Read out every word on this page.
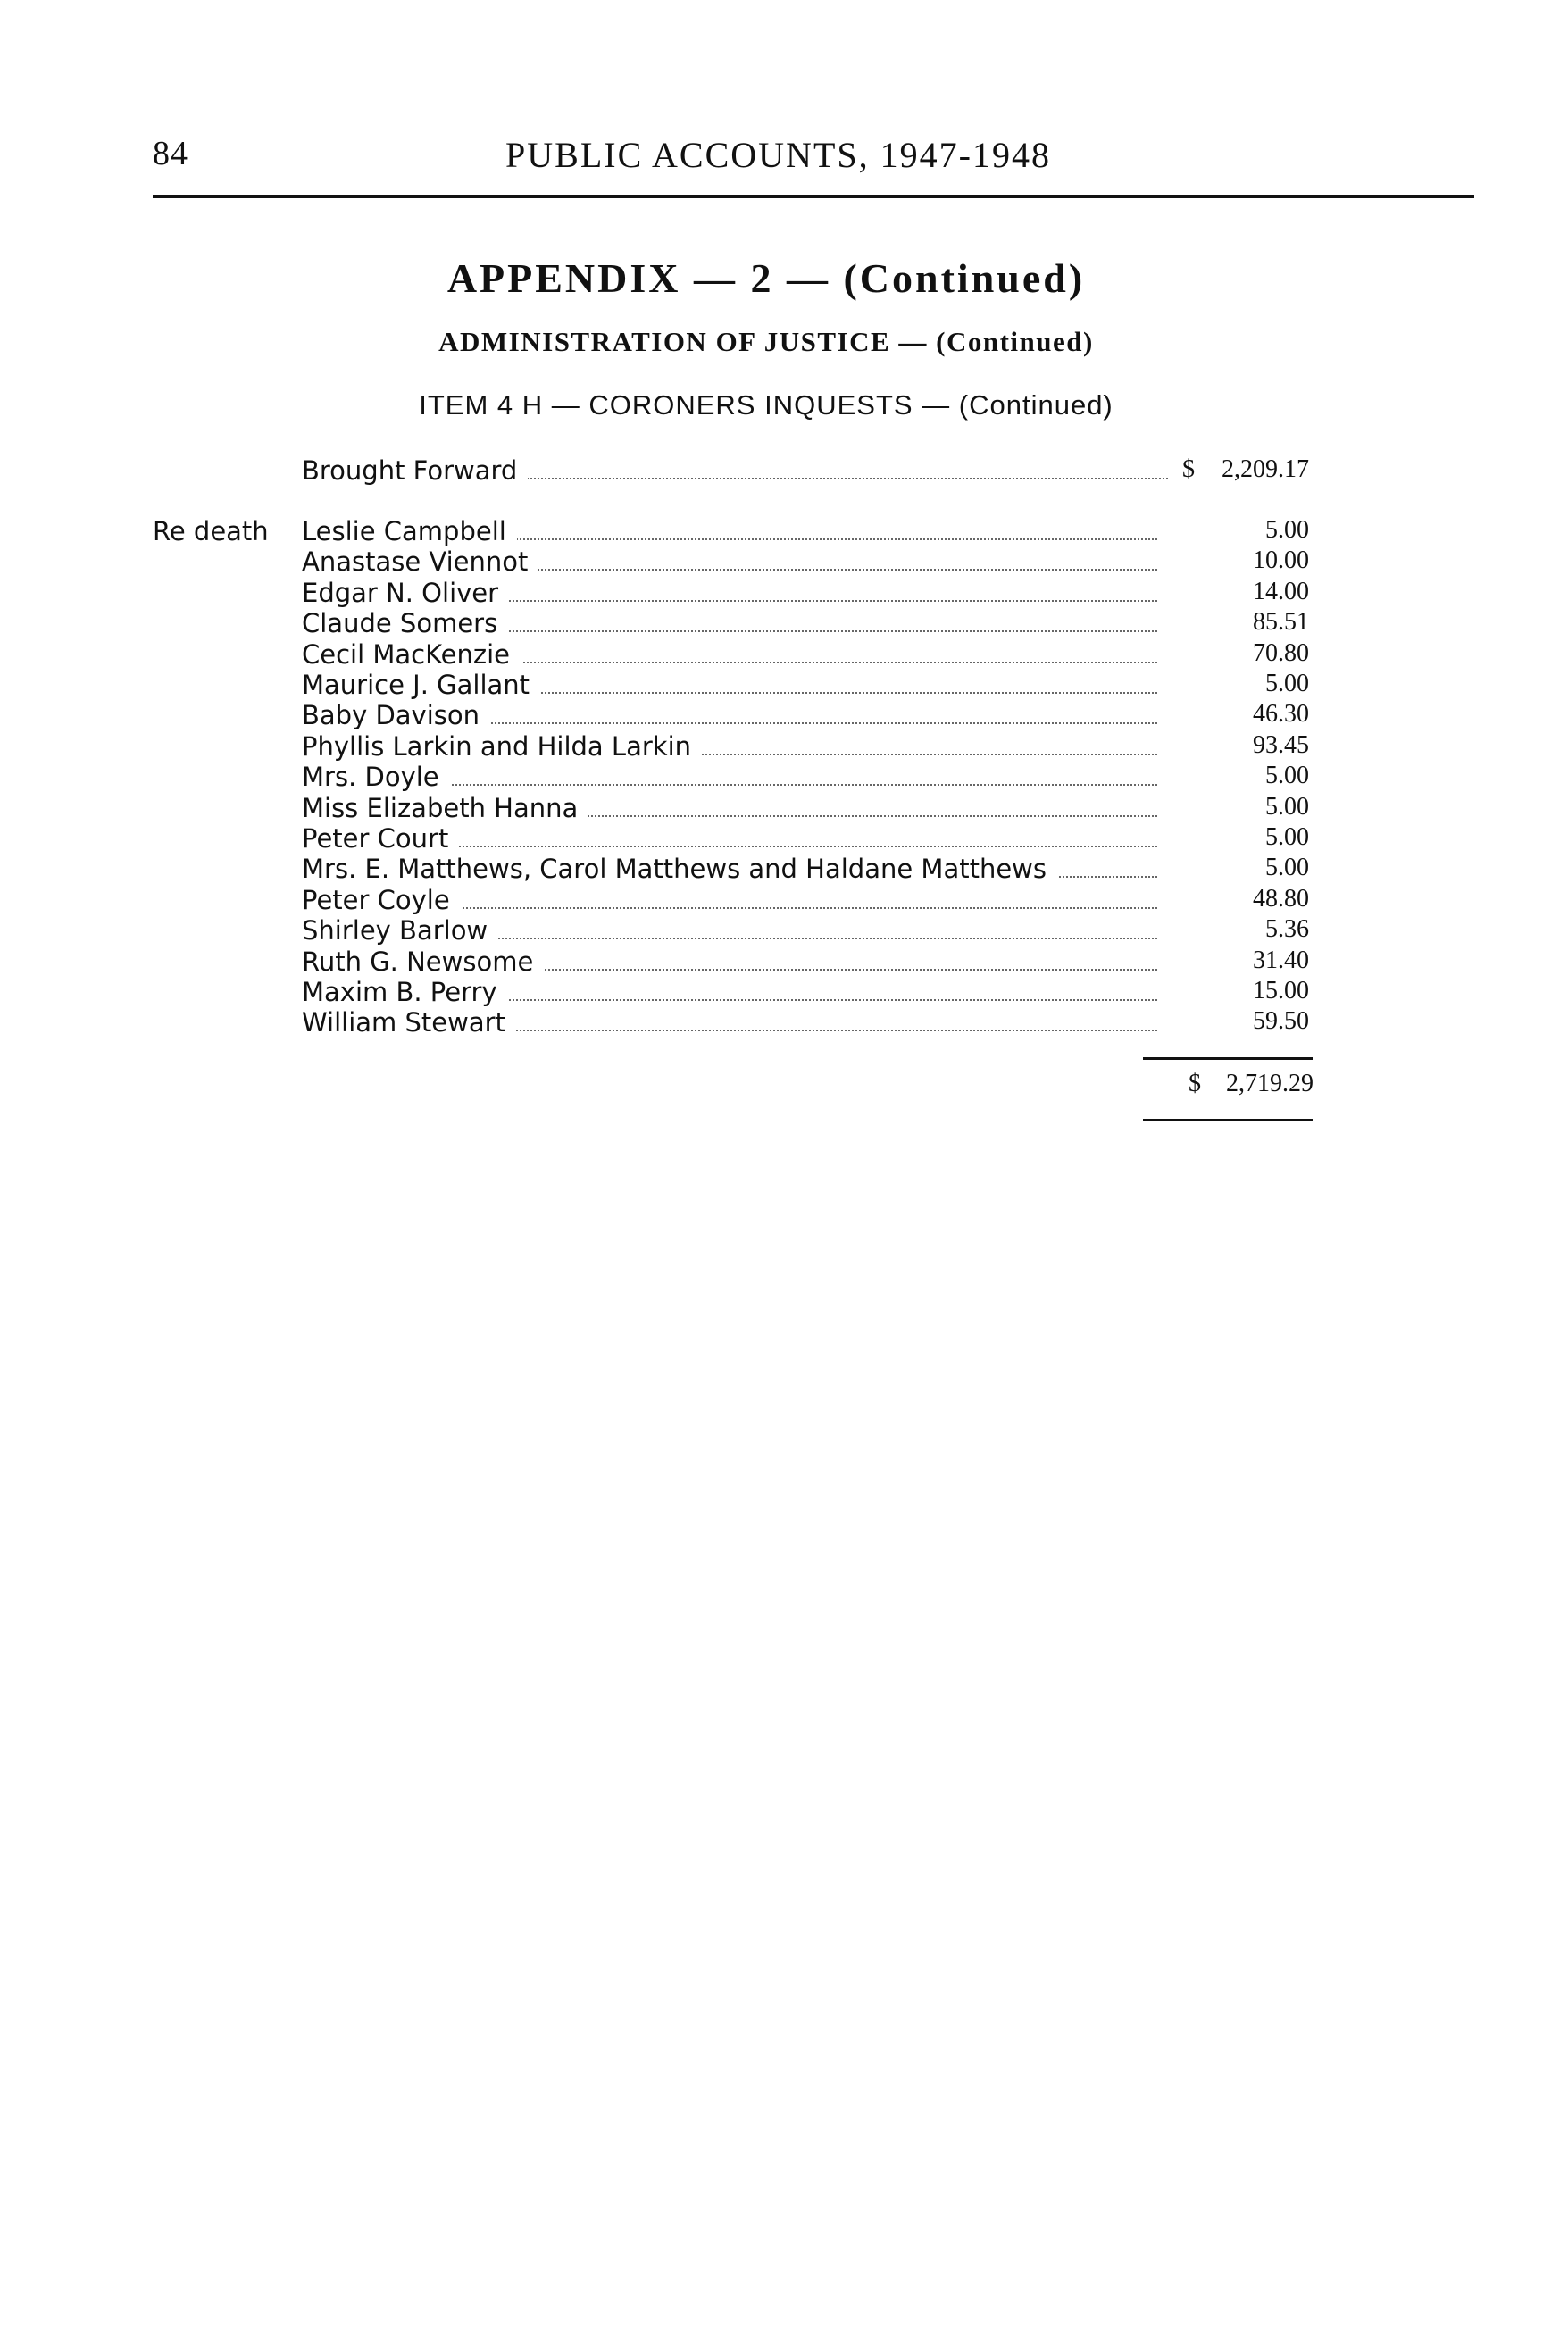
84	PUBLIC ACCOUNTS, 1947-1948
APPENDIX — 2 — (Continued)
ADMINISTRATION OF JUSTICE — (Continued)
ITEM 4 H — CORONERS INQUESTS — (Continued)
Brought Forward	$	2,209.17
Re death Leslie Campbell	5.00
Anastase Viennot	10.00
Edgar N. Oliver	14.00
Claude Somers	85.51
Cecil MacKenzie	70.80
Maurice J. Gallant	5.00
Baby Davison	46.30
Phyllis Larkin and Hilda Larkin	93.45
Mrs. Doyle	5.00
Miss Elizabeth Hanna	5.00
Peter Court	5.00
Mrs. E. Matthews, Carol Matthews and Haldane Matthews	5.00
Peter Coyle	48.80
Shirley Barlow	5.36
Ruth G. Newsome	31.40
Maxim B. Perry	15.00
William Stewart	59.50
$ 2,719.29
